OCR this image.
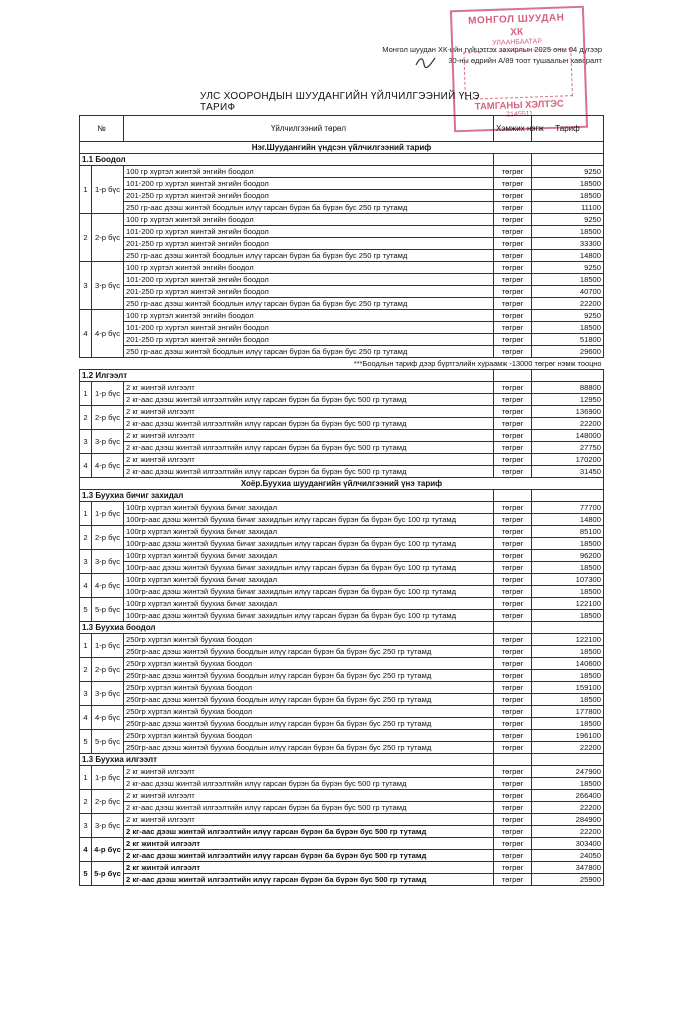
Монгол шуудан ХК-ийн гүйцэтгэх захирлын 2025 оны 04 дүгээр 30-ны өдрийн А/89 тоот тушаалын хавсралт
МОНГОЛ ШУУДАН
ХК
УЛААНБААТАР
ТАМГАНЫ ХЭЛТЭС
2145511
УЛС ХООРОНДЫН ШУУДАНГИЙН ҮЙЛЧИЛГЭЭНИЙ ҮНЭ ТАРИФ
№		Үйлчилгээний төрөл	Хэмжих нэгж	Тариф
Нэг.Шуудангийн үндсэн үйлчилгээний тариф				
1.1 Боодол				
1	1-р бүс	100 гр хүртэл жинтэй энгийн боодол	төгрөг	9250
		101-200 гр хүртэл жинтэй энгийн боодол	төгрөг	18500
		201-250 гр хүртэл жинтэй энгийн боодол	төгрөг	18500
		250 гр-аас дээш жинтэй боодлын илүү гарсан бүрэн ба бүрэн бус 250 гр тутамд	төгрөг	11100
2	2-р бүс	100 гр хүртэл жинтэй энгийн боодол	төгрөг	9250
		101-200 гр хүртэл жинтэй энгийн боодол	төгрөг	18500
		201-250 гр хүртэл жинтэй энгийн боодол	төгрөг	33300
		250 гр-аас дээш жинтэй боодлын илүү гарсан бүрэн ба бүрэн бус 250 гр тутамд	төгрөг	14800
3	3-р бүс	100 гр хүртэл жинтэй энгийн боодол	төгрөг	9250
		101-200 гр хүртэл жинтэй энгийн боодол	төгрөг	18500
		201-250 гр хүртэл жинтэй энгийн боодол	төгрөг	40700
		250 гр-аас дээш жинтэй боодлын илүү гарсан бүрэн ба бүрэн бус 250 гр тутамд	төгрөг	22200
4	4-р бүс	100 гр хүртэл жинтэй энгийн боодол	төгрөг	9250
		101-200 гр хүртэл жинтэй энгийн боодол	төгрөг	18500
		201-250 гр хүртэл жинтэй энгийн боодол	төгрөг	51800
		250 гр-аас дээш жинтэй боодлын илүү гарсан бүрэн ба бүрэн бус 250 гр тутамд	төгрөг	29600
***Боодлын тариф дээр бүртгэлийн хураамж -13000 төгрөг нэмж тооцно				
1.2 Илгээлт				
1	1-р бүс	2 кг жинтэй илгээлт	төгрөг	88800
		2 кг-аас дээш жинтэй илгээлтийн илүү гарсан бүрэн ба бүрэн бус 500 гр тутамд	төгрөг	12950
2	2-р бүс	2 кг жинтэй илгээлт	төгрөг	136900
		2 кг-аас дээш жинтэй илгээлтийн илүү гарсан бүрэн ба бүрэн бус 500 гр тутамд	төгрөг	22200
3	3-р бүс	2 кг жинтэй илгээлт	төгрөг	148000
		2 кг-аас дээш жинтэй илгээлтийн илүү гарсан бүрэн ба бүрэн бус 500 гр тутамд	төгрөг	27750
4	4-р бүс	2 кг жинтэй илгээлт	төгрөг	170200
		2 кг-аас дээш жинтэй илгээлтийн илүү гарсан бүрэн ба бүрэн бус 500 гр тутамд	төгрөг	31450
Хоёр.Буухиа шуудангийн үйлчилгээний үнэ тариф				
1.3 Буухиа бичиг захидал				
1	1-р бүс	100гр хүртэл жинтэй буухиа бичиг захидал	төгрөг	77700
		100гр-аас дээш жинтэй буухиа бичиг захидлын илүү гарсан бүрэн ба бүрэн бус 100 гр тутамд	төгрөг	14800
2	2-р бүс	100гр хүртэл жинтэй буухиа бичиг захидал	төгрөг	85100
		100гр-аас дээш жинтэй буухиа бичиг захидлын илүү гарсан бүрэн ба бүрэн бус 100 гр тутамд	төгрөг	18500
3	3-р бүс	100гр хүртэл жинтэй буухиа бичиг захидал	төгрөг	96200
		100гр-аас дээш жинтэй буухиа бичиг захидлын илүү гарсан бүрэн ба бүрэн бус 100 гр тутамд	төгрөг	18500
4	4-р бүс	100гр хүртэл жинтэй буухиа бичиг захидал	төгрөг	107300
		100гр-аас дээш жинтэй буухиа бичиг захидлын илүү гарсан бүрэн ба бүрэн бус 100 гр тутамд	төгрөг	18500
5	5-р бүс	100гр хүртэл жинтэй буухиа бичиг захидал	төгрөг	122100
		100гр-аас дээш жинтэй буухиа бичиг захидлын илүү гарсан бүрэн ба бүрэн бус 100 гр тутамд	төгрөг	18500
1.3 Буухиа боодол				
1	1-р бүс	250гр хүртэл жинтэй буухиа боодол	төгрөг	122100
		250гр-аас дээш жинтэй буухиа боодлын илүү гарсан бүрэн ба бүрэн бус 250 гр тутамд	төгрөг	18500
2	2-р бүс	250гр хүртэл жинтэй буухиа боодол	төгрөг	140600
		250гр-аас дээш жинтэй буухиа боодлын илүү гарсан бүрэн ба бүрэн бус 250 гр тутамд	төгрөг	18500
3	3-р бүс	250гр хүртэл жинтэй буухиа боодол	төгрөг	159100
		250гр-аас дээш жинтэй буухиа боодлын илүү гарсан бүрэн ба бүрэн бус 250 гр тутамд	төгрөг	18500
4	4-р бүс	250гр хүртэл жинтэй буухиа боодол	төгрөг	177800
		250гр-аас дээш жинтэй буухиа боодлын илүү гарсан бүрэн ба бүрэн бус 250 гр тутамд	төгрөг	18500
5	5-р бүс	250гр хүртэл жинтэй буухиа боодол	төгрөг	196100
		250гр-аас дээш жинтэй буухиа боодлын илүү гарсан бүрэн ба бүрэн бус 250 гр тутамд	төгрөг	22200
1.3 Буухиа илгээлт				
1	1-р бүс	2 кг жинтэй илгээлт	төгрөг	247900
		2 кг-аас дээш жинтэй илгээлтийн илүү гарсан бүрэн ба бүрэн бус 500 гр тутамд	төгрөг	18500
2	2-р бүс	2 кг жинтэй илгээлт	төгрөг	266400
		2 кг-аас дээш жинтэй илгээлтийн илүү гарсан бүрэн ба бүрэн бус 500 гр тутамд	төгрөг	22200
3	3-р бүс	2 кг жинтэй илгээлт	төгрөг	284900
		2 кг-аас дээш жинтэй илгээлтийн илүү гарсан бүрэн ба бүрэн бус 500 гр тутамд	төгрөг	22200
4	4-р бүс	2 кг жинтэй илгээлт	төгрөг	303400
		2 кг-аас дээш жинтэй илгээлтийн илүү гарсан бүрэн ба бүрэн бус 500 гр тутамд	төгрөг	24050
5	5-р бүс	2 кг жинтэй илгээлт	төгрөг	347800
		2 кг-аас дээш жинтэй илгээлтийн илүү гарсан бүрэн ба бүрэн бус 500 гр тутамд	төгрөг	25900
